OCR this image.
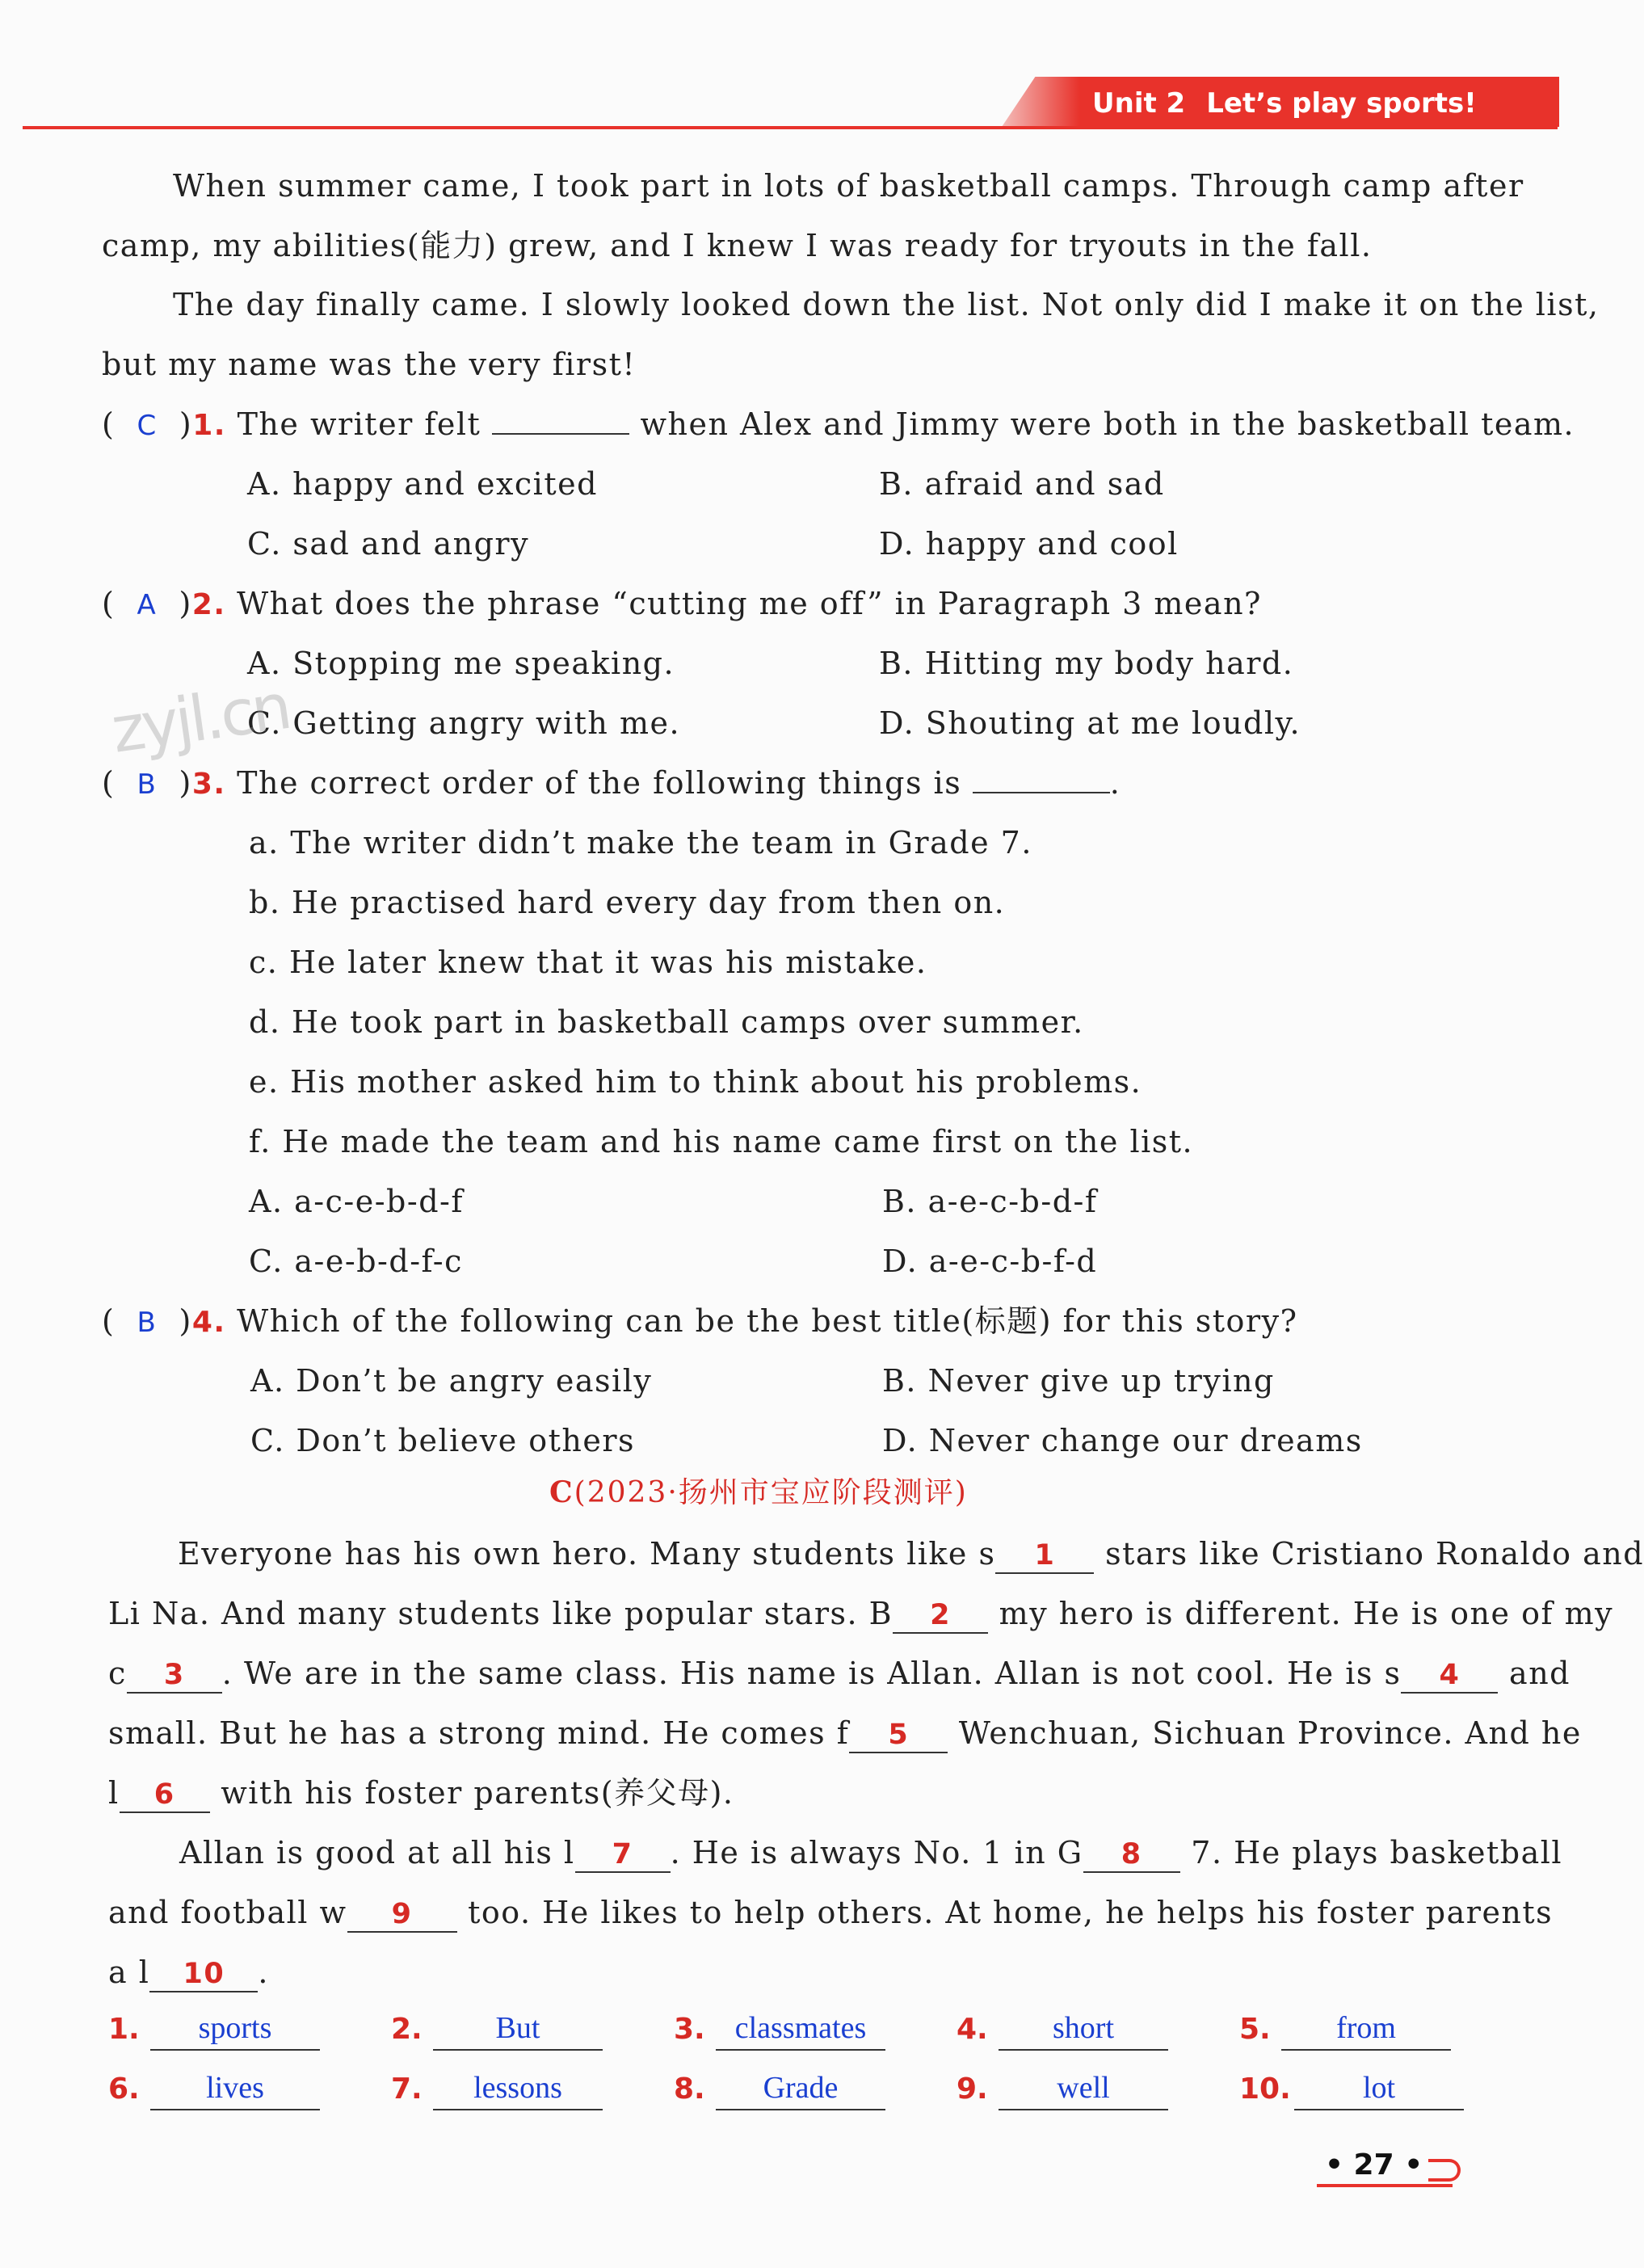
Unit 2 Let’s play sports!
When summer came, I took part in lots of basketball camps. Through camp after
camp, my abilities(能力) grew, and I knew I was ready for tryouts in the fall.
The day finally came. I slowly looked down the list. Not only did I make it on the list,
but my name was the very first!
( C )1. The writer felt	when Alex and Jimmy were both in the basketball team.
A. happy and excited	B. afraid and sad
C. sad and angry	D. happy and cool
( A )2. What does the phrase “cutting me off” in Paragraph 3 mean?
A. Stopping me speaking.	B. Hitting my body hard.
C. Getting angry with me.	D. Shouting at me loudly.
zyjl.cn
( B )3. The correct order of the following things is	.
a. The writer didn’t make the team in Grade 7.
b. He practised hard every day from then on.
c. He later knew that it was his mistake.
d. He took part in basketball camps over summer.
e. His mother asked him to think about his problems.
f. He made the team and his name came first on the list.
A. a-c-e-b-d-f	B. a-e-c-b-d-f
C. a-e-b-d-f-c	D. a-e-c-b-f-d
( B )4. Which of the following can be the best title(标题) for this story?
A. Don’t be angry easily	B. Never give up trying
C. Don’t believe others	D. Never change our dreams
C(2023·扬州市宝应阶段测评)
Everyone has his own hero. Many students like s 1 stars like Cristiano Ronaldo and
Li Na. And many students like popular stars. B 2 my hero is different. He is one of my
c 3 . We are in the same class. His name is Allan. Allan is not cool. He is s 4 and
small. But he has a strong mind. He comes f 5 Wenchuan, Sichuan Province. And he
l 6 with his foster parents(养父母).
Allan is good at all his l 7 . He is always No. 1 in G 8 7. He plays basketball
and football w 9 too. He likes to help others. At home, he helps his foster parents
a l 10 .
1.	sports	2.	But	3. classmates	4.	short	5.	from
6.	lives	7.	lessons	8.	Grade	9.	well	10.	lot
• 27 •
